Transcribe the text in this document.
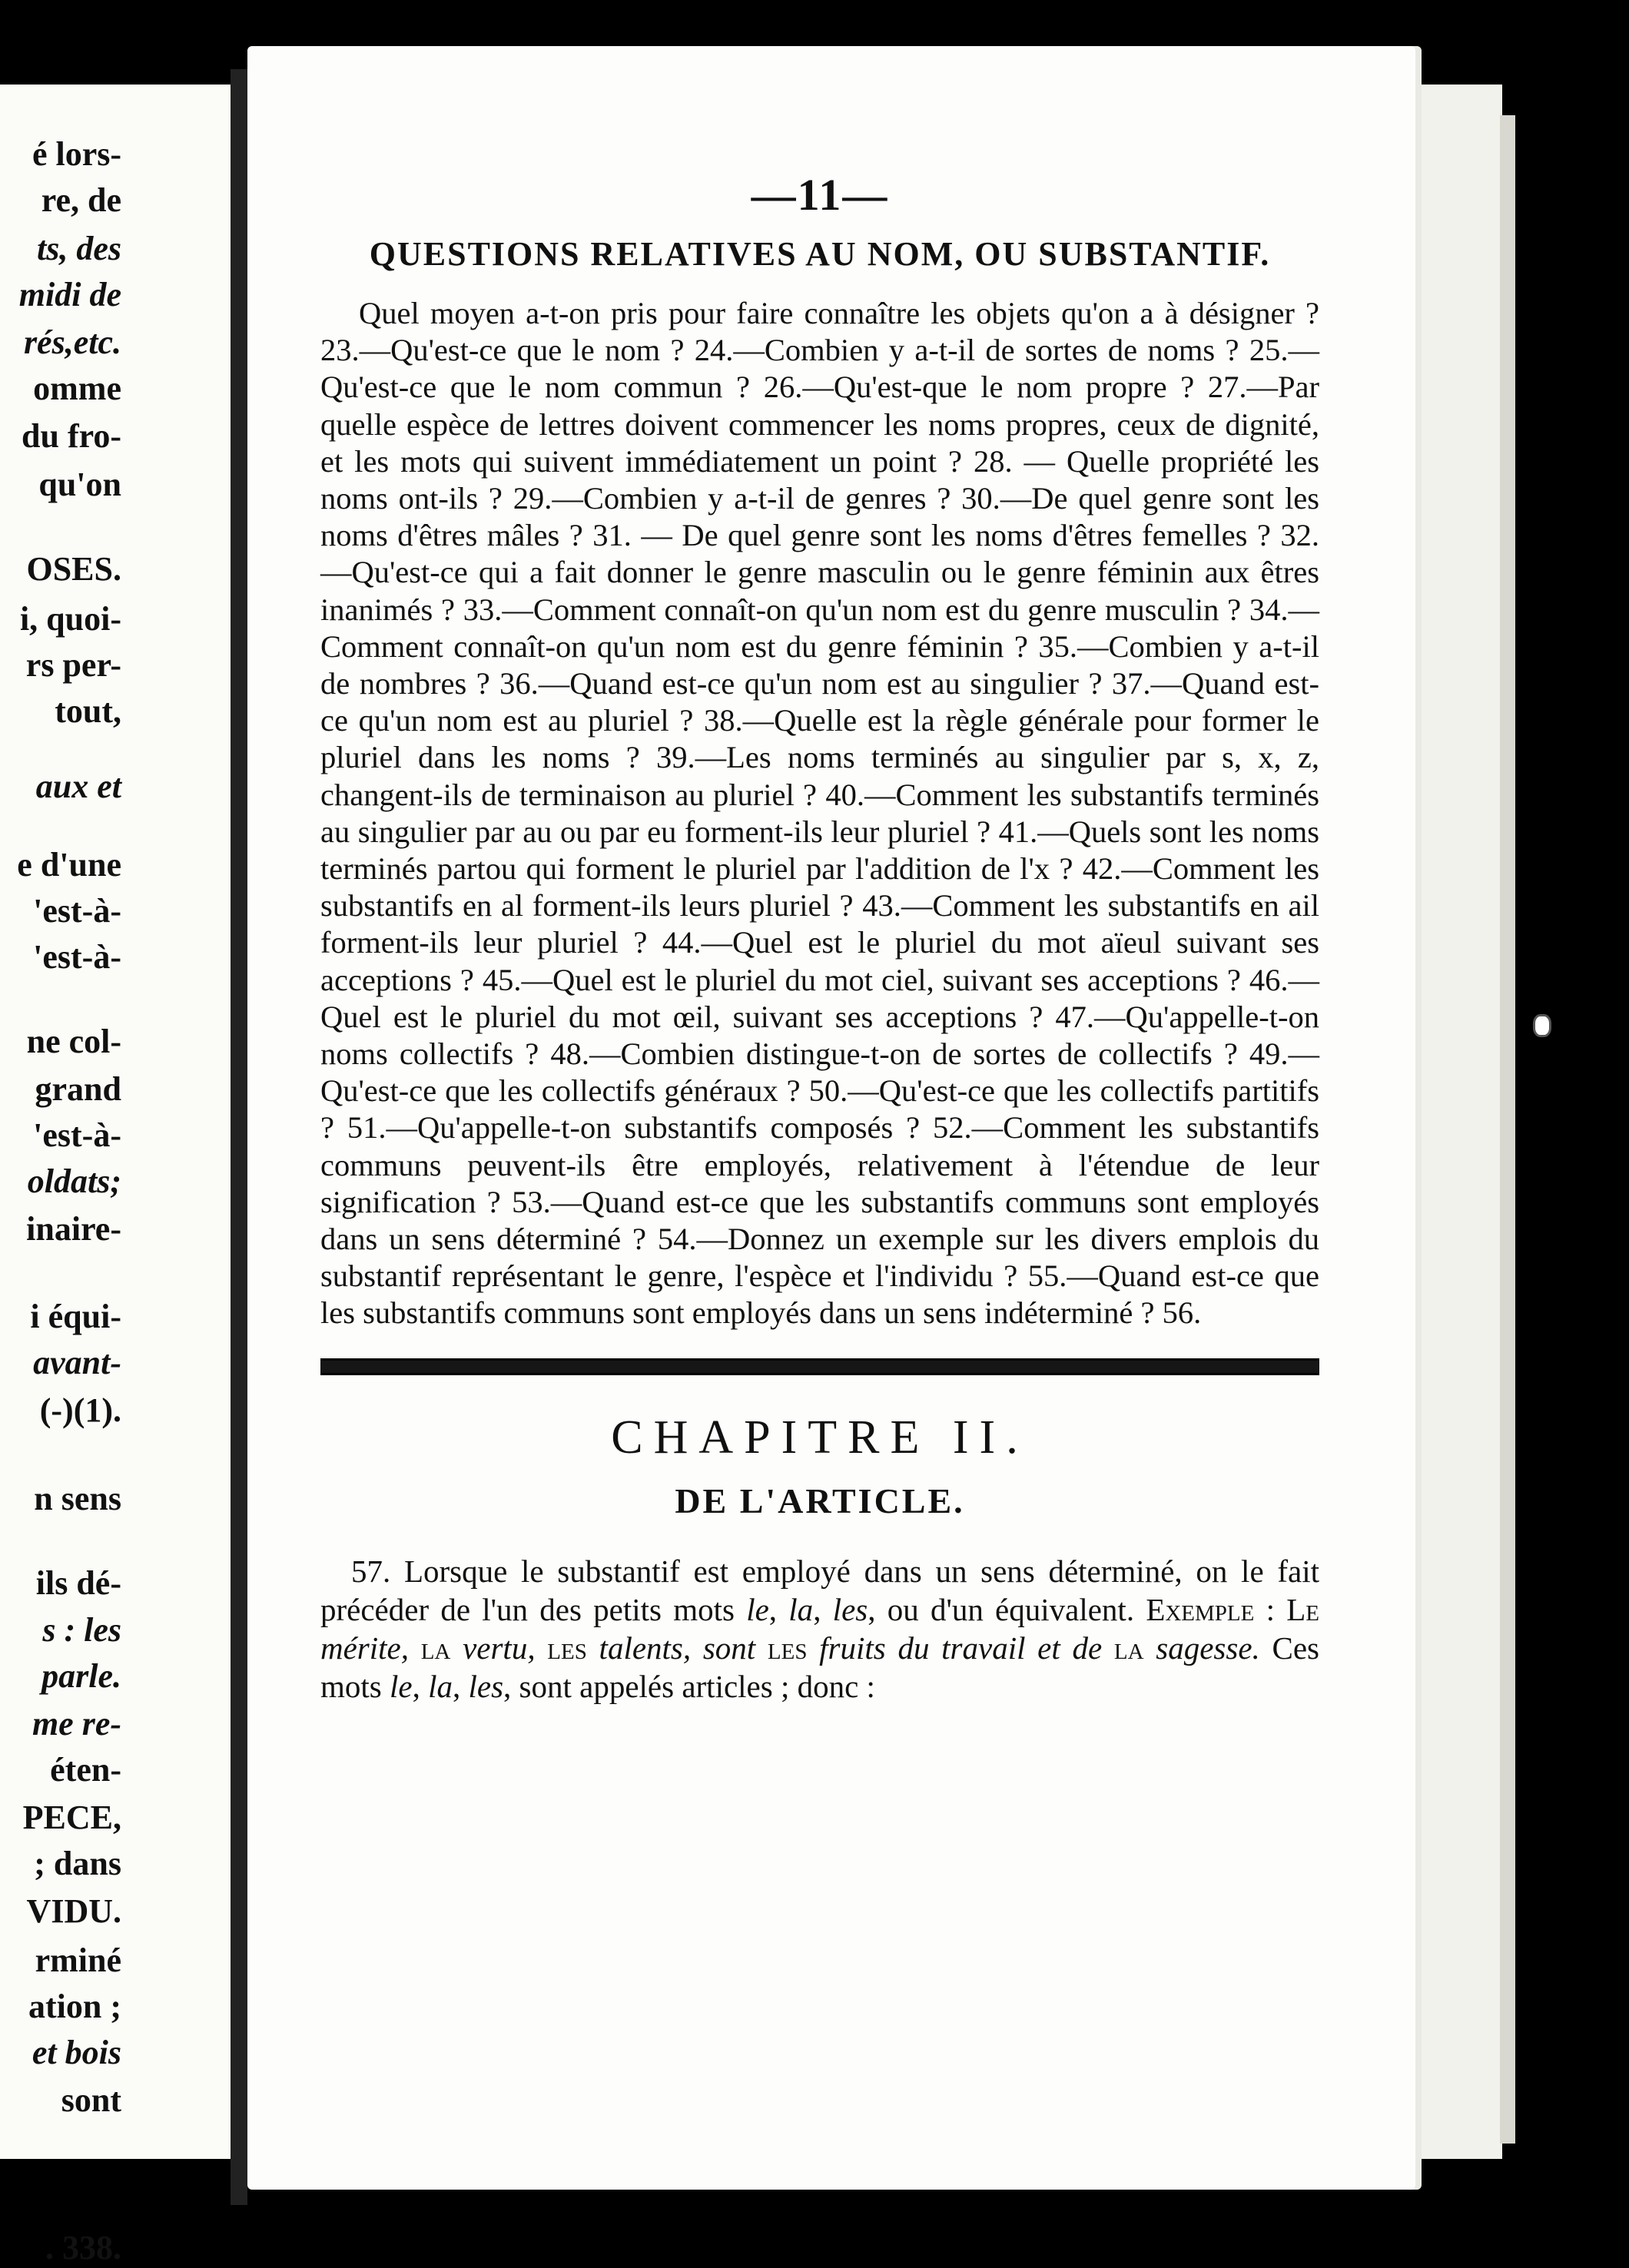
é lors-
re, de
ts, des
midi de
rés,etc.
omme
du fro-
qu'on
OSES.
i, quoi-
rs per-
tout,
aux et
e d'une
'est-à-
'est-à-
ne col-
grand
'est-à-
oldats;
inaire-
i équi-
avant-
(-)(1).
n sens
ils dé-
s : les
parle.
me re-
éten-
PECE,
; dans
VIDU.
rminé
ation ;
et bois
sont
. 338.

—11—

QUESTIONS RELATIVES AU NOM, OU SUBSTANTIF.

Quel moyen a-t-on pris pour faire connaître les objets qu'on a à désigner ? 23.—Qu'est-ce que le nom ? 24.—Combien y a-t-il de sortes de noms ? 25.—Qu'est-ce que le nom commun ? 26.—Qu'est-que le nom propre ? 27.—Par quelle espèce de lettres doivent commencer les noms propres, ceux de dignité, et les mots qui suivent immédiatement un point ? 28. — Quelle propriété les noms ont-ils ? 29.—Combien y a-t-il de genres ? 30.—De quel genre sont les noms d'êtres mâles ? 31. — De quel genre sont les noms d'êtres femelles ? 32.—Qu'est-ce qui a fait donner le genre masculin ou le genre féminin aux êtres inanimés ? 33.—Comment connaît-on qu'un nom est du genre musculin ? 34.—Comment connaît-on qu'un nom est du genre féminin ? 35.—Combien y a-t-il de nombres ? 36.—Quand est-ce qu'un nom est au singulier ? 37.—Quand est-ce qu'un nom est au pluriel ? 38.—Quelle est la règle générale pour former le pluriel dans les noms ? 39.—Les noms terminés au singulier par s, x, z, changent-ils de terminaison au pluriel ? 40.—Comment les substantifs terminés au singulier par au ou par eu forment-ils leur pluriel ? 41.—Quels sont les noms terminés partou qui forment le pluriel par l'addition de l'x ? 42.—Comment les substantifs en al forment-ils leurs pluriel ? 43.—Comment les substantifs en ail forment-ils leur pluriel ? 44.—Quel est le pluriel du mot aïeul suivant ses acceptions ? 45.—Quel est le pluriel du mot ciel, suivant ses acceptions ? 46.—Quel est le pluriel du mot œil, suivant ses acceptions ? 47.—Qu'appelle-t-on noms collectifs ? 48.—Combien distingue-t-on de sortes de collectifs ? 49.—Qu'est-ce que les collectifs généraux ? 50.—Qu'est-ce que les collectifs partitifs ? 51.—Qu'appelle-t-on substantifs composés ? 52.—Comment les substantifs communs peuvent-ils être employés, relativement à l'étendue de leur signification ? 53.—Quand est-ce que les substantifs communs sont employés dans un sens déterminé ? 54.—Donnez un exemple sur les divers emplois du substantif représentant le genre, l'espèce et l'individu ? 55.—Quand est-ce que les substantifs communs sont employés dans un sens indéterminé ? 56.

CHAPITRE II.

DE L'ARTICLE.

57. Lorsque le substantif est employé dans un sens déterminé, on le fait précéder de l'un des petits mots le, la, les, ou d'un équivalent. Exemple : Le mérite, la vertu, les talents, sont les fruits du travail et de la sagesse. Ces mots le, la, les, sont appelés articles ; donc :
